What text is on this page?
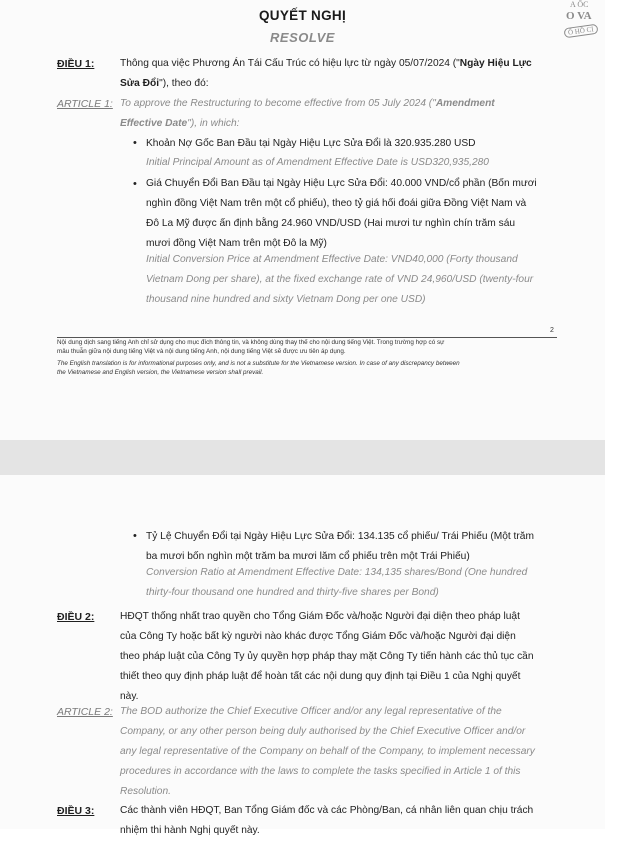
A ỐC
O VA
Ố HỒ CI
QUYẾT NGHỊ
RESOLVE
ĐIỀU 1:	Thông qua việc Phương Án Tái Cấu Trúc có hiệu lực từ ngày 05/07/2024 ("Ngày Hiệu Lực
Sửa Đổi"), theo đó:
ARTICLE 1: To approve the Restructuring to become effective from 05 July 2024 ("Amendment
Effective Date"), in which:
• Khoản Nợ Gốc Ban Đầu tại Ngày Hiệu Lực Sửa Đổi là 320.935.280 USD
Initial Principal Amount as of Amendment Effective Date is USD320,935,280
• Giá Chuyển Đổi Ban Đầu tại Ngày Hiệu Lực Sửa Đổi: 40.000 VND/cổ phần (Bốn mươi
nghìn đồng Việt Nam trên một cổ phiếu), theo tỷ giá hối đoái giữa Đồng Việt Nam và
Đô La Mỹ được ấn định bằng 24.960 VND/USD (Hai mươi tư nghìn chín trăm sáu
mươi đồng Việt Nam trên một Đô la Mỹ)
Initial Conversion Price at Amendment Effective Date: VND40,000 (Forty thousand
Vietnam Dong per share), at the fixed exchange rate of VND 24,960/USD (twenty-four
thousand nine hundred and sixty Vietnam Dong per one USD)
2
Nội dung dịch sang tiếng Anh chỉ sử dụng cho mục đích thông tin, và không dùng thay thế cho nội dung tiếng Việt. Trong trường hợp có sự
mâu thuẫn giữa nội dung tiếng Việt và nội dung tiếng Anh, nội dung tiếng Việt sẽ được ưu tiên áp dụng.
The English translation is for informational purposes only, and is not a substitute for the Vietnamese version. In case of any discrepancy between
the Vietnamese and English version, the Vietnamese version shall prevail.
• Tỷ Lệ Chuyển Đổi tại Ngày Hiệu Lực Sửa Đổi: 134.135 cổ phiếu/ Trái Phiếu (Một trăm
ba mươi bốn nghìn một trăm ba mươi lăm cổ phiếu trên một Trái Phiếu)
Conversion Ratio at Amendment Effective Date: 134,135 shares/Bond (One hundred
thirty-four thousand one hundred and thirty-five shares per Bond)
ĐIỀU 2:	HĐQT thống nhất trao quyền cho Tổng Giám Đốc và/hoặc Người đại diện theo pháp luật
của Công Ty hoặc bất kỳ người nào khác được Tổng Giám Đốc và/hoặc Người đại diện
theo pháp luật của Công Ty ủy quyền hợp pháp thay mặt Công Ty tiến hành các thủ tục cần
thiết theo quy định pháp luật để hoàn tất các nội dung quy định tại Điều 1 của Nghị quyết
này.
ARTICLE 2: The BOD authorize the Chief Executive Officer and/or any legal representative of the
Company, or any other person being duly authorised by the Chief Executive Officer and/or
any legal representative of the Company on behalf of the Company, to implement necessary
procedures in accordance with the laws to complete the tasks specified in Article 1 of this
Resolution.
ĐIỀU 3:	Các thành viên HĐQT, Ban Tổng Giám đốc và các Phòng/Ban, cá nhân liên quan chịu trách
nhiệm thi hành Nghị quyết này.
